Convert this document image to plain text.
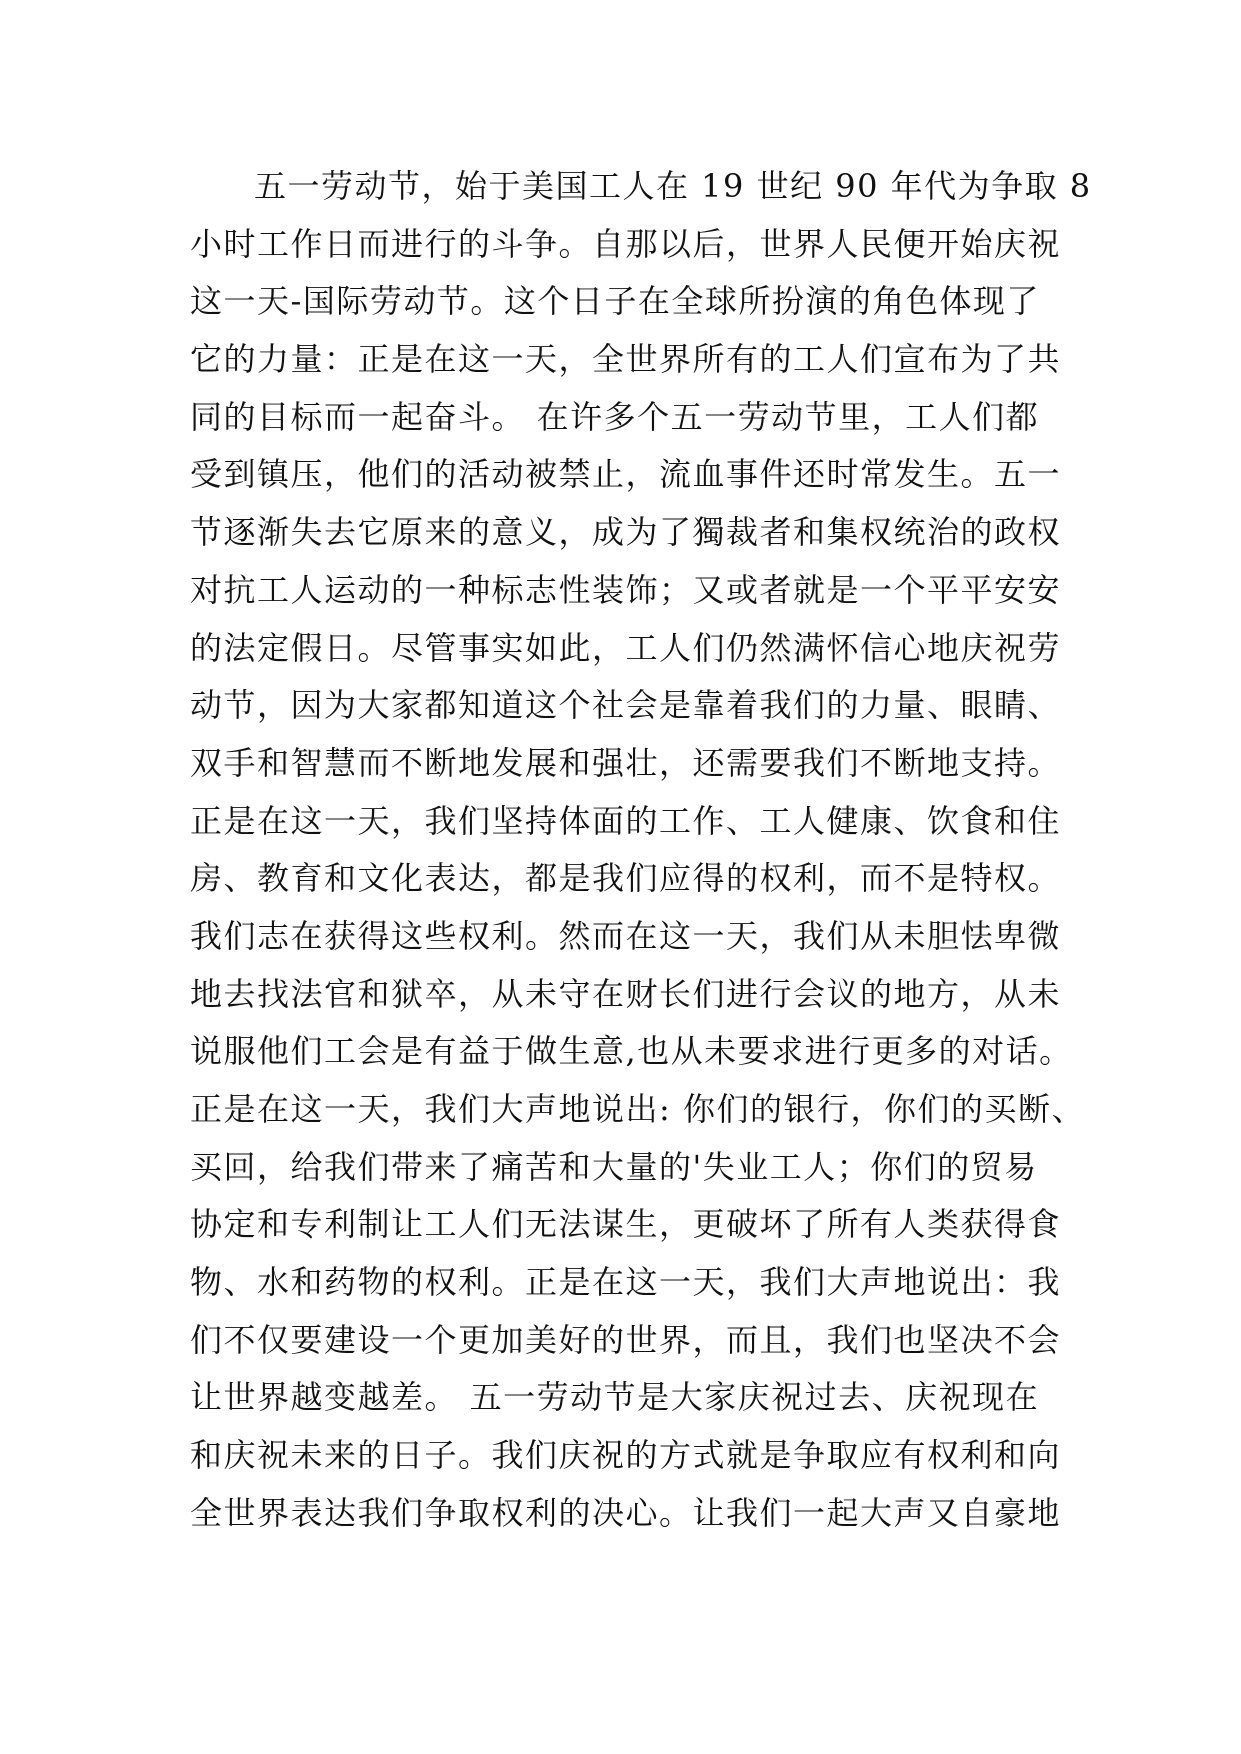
五一劳动节，始于美国工人在 19 世纪 90 年代为争取 8
小时工作日而进行的斗争。自那以后，世界人民便开始庆祝
这一天-国际劳动节。这个日子在全球所扮演的角色体现了
它的力量：正是在这一天，全世界所有的工人们宣布为了共
同的目标而一起奋斗。 在许多个五一劳动节里，工人们都
受到镇压，他们的活动被禁止，流血事件还时常发生。五一
节逐渐失去它原来的意义，成为了獨裁者和集权统治的政权
对抗工人运动的一种标志性装饰；又或者就是一个平平安安
的法定假日。尽管事实如此，工人们仍然满怀信心地庆祝劳
动节，因为大家都知道这个社会是靠着我们的力量、眼睛、
双手和智慧而不断地发展和强壮，还需要我们不断地支持。
正是在这一天，我们坚持体面的工作、工人健康、饮食和住
房、教育和文化表达，都是我们应得的权利，而不是特权。
我们志在获得这些权利。然而在这一天，我们从未胆怯卑微
地去找法官和狱卒，从未守在财长们进行会议的地方，从未
说服他们工会是有益于做生意,也从未要求进行更多的对话。
正是在这一天，我们大声地说出: 你们的银行，你们的买断、
买回，给我们带来了痛苦和大量的'失业工人；你们的贸易
协定和专利制让工人们无法谋生，更破坏了所有人类获得食
物、水和药物的权利。正是在这一天，我们大声地说出：我
们不仅要建设一个更加美好的世界，而且，我们也坚决不会
让世界越变越差。 五一劳动节是大家庆祝过去、庆祝现在
和庆祝未来的日子。我们庆祝的方式就是争取应有权利和向
全世界表达我们争取权利的决心。让我们一起大声又自豪地
